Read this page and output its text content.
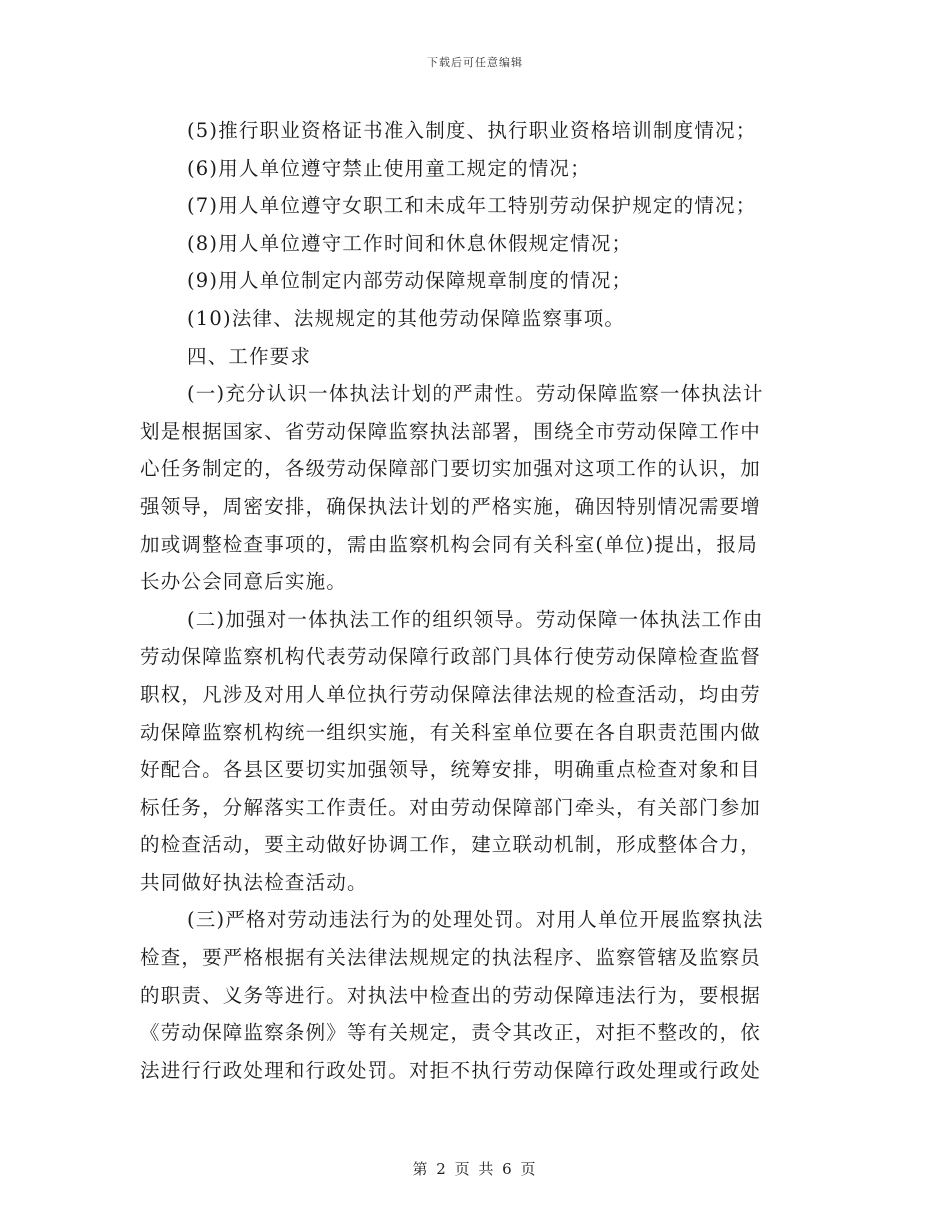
下载后可任意编辑
(5)推行职业资格证书准入制度、执行职业资格培训制度情况；
(6)用人单位遵守禁止使用童工规定的情况；
(7)用人单位遵守女职工和未成年工特别劳动保护规定的情况；
(8)用人单位遵守工作时间和休息休假规定情况；
(9)用人单位制定内部劳动保障规章制度的情况；
(10)法律、法规规定的其他劳动保障监察事项。
四、工作要求
(一)充分认识一体执法计划的严肃性。劳动保障监察一体执法计
划是根据国家、省劳动保障监察执法部署，围绕全市劳动保障工作中
心任务制定的，各级劳动保障部门要切实加强对这项工作的认识，加
强领导，周密安排，确保执法计划的严格实施，确因特别情况需要增
加或调整检查事项的，需由监察机构会同有关科室(单位)提出，报局
长办公会同意后实施。
(二)加强对一体执法工作的组织领导。劳动保障一体执法工作由
劳动保障监察机构代表劳动保障行政部门具体行使劳动保障检查监督
职权，凡涉及对用人单位执行劳动保障法律法规的检查活动，均由劳
动保障监察机构统一组织实施，有关科室单位要在各自职责范围内做
好配合。各县区要切实加强领导，统筹安排，明确重点检查对象和目
标任务，分解落实工作责任。对由劳动保障部门牵头，有关部门参加
的检查活动，要主动做好协调工作，建立联动机制，形成整体合力，
共同做好执法检查活动。
(三)严格对劳动违法行为的处理处罚。对用人单位开展监察执法
检查，要严格根据有关法律法规规定的执法程序、监察管辖及监察员
的职责、义务等进行。对执法中检查出的劳动保障违法行为，要根据
《劳动保障监察条例》等有关规定，责令其改正，对拒不整改的，依
法进行行政处理和行政处罚。对拒不执行劳动保障行政处理或行政处
第 2 页 共 6 页
